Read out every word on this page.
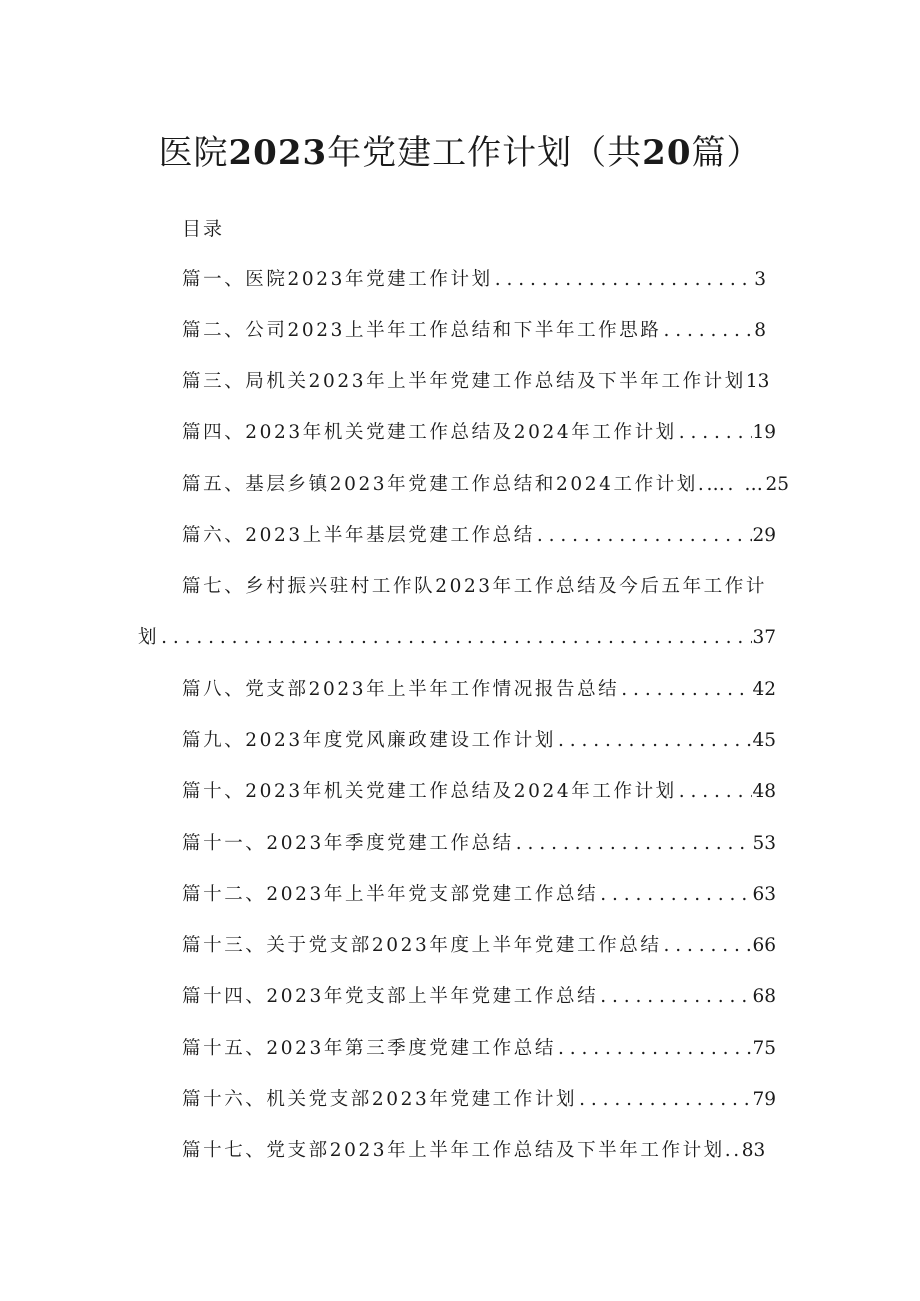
医院2023年党建工作计划（共20篇）
目录
篇一、医院2023年党建工作计划 . . .	3
篇二、公司2023上半年工作总结和下半年工作思路 . . .	8
篇三、局机关2023年上半年党建工作总结及下半年工作计划 13
篇四、2023年机关党建工作总结及2024年工作计划 . . .	19
篇五、基层乡镇2023年党建工作总结和2024工作计划.…. … 25
篇六、2023上半年基层党建工作总结 . . .	29
篇七、乡村振兴驻村工作队2023年工作总结及今后五年工作计
划 . . .	37
篇八、党支部2023年上半年工作情况报告总结 . . .	42
篇九、2023年度党风廉政建设工作计划 . . .	45
篇十、2023年机关党建工作总结及2024年工作计划 . . .	48
篇十一、2023年季度党建工作总结 . . .	53
篇十二、2023年上半年党支部党建工作总结 . . .	63
篇十三、关于党支部2023年度上半年党建工作总结 . . .	66
篇十四、2023年党支部上半年党建工作总结 . . .	68
篇十五、2023年第三季度党建工作总结 . . .	75
篇十六、机关党支部2023年党建工作计划 . . .	79
篇十七、党支部2023年上半年工作总结及下半年工作计划.. 83
